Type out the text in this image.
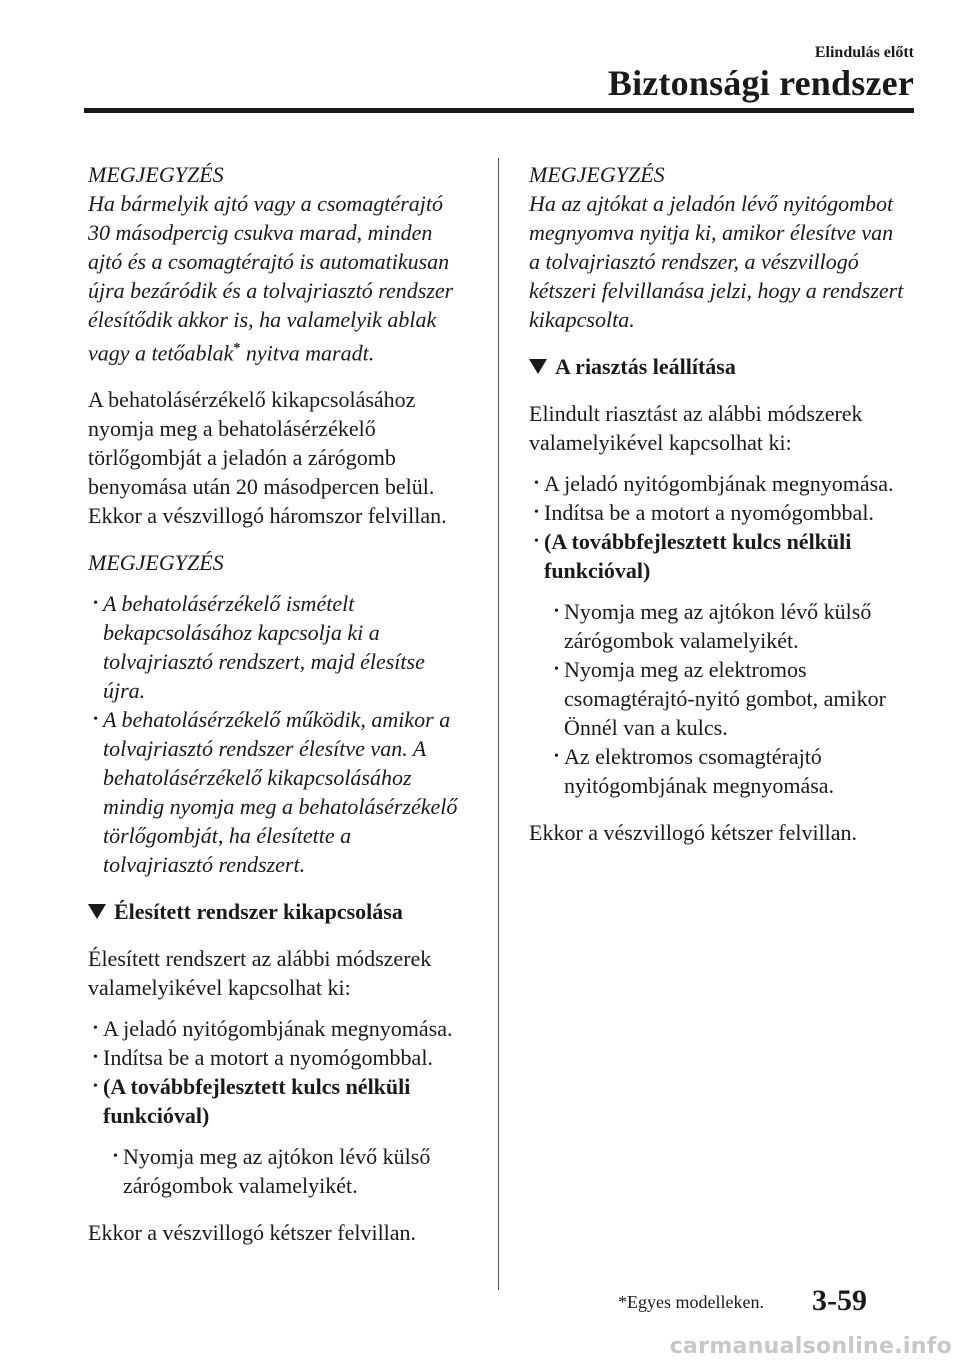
Elindulás előtt
Biztonsági rendszer

MEGJEGYZÉS

Ha bármelyik ajtó vagy a csomagtérajtó

30 másodpercig csukva marad, minden

ajtó és a csomagtérajtó is automatikusan

újra bezáródik és a tolvajriasztó rendszer

élesítődik akkor is, ha valamelyik ablak

vagy a tetőablak* nyitva maradt.

A behatolásérzékelő kikapcsolásához

nyomja meg a behatolásérzékelő

törlőgombját a jeladón a zárógomb

benyomása után 20 másodpercen belül.

Ekkor a vészvillogó háromszor felvillan.

MEGJEGYZÉS

• A behatolásérzékelő ismételt

bekapcsolásához kapcsolja ki a

tolvajriasztó rendszert, majd élesítse

újra.

• A behatolásérzékelő működik, amikor a

tolvajriasztó rendszer élesítve van. A

behatolásérzékelő kikapcsolásához

mindig nyomja meg a behatolásérzékelő

törlőgombját, ha élesítette a

tolvajriasztó rendszert.

Élesített rendszer kikapcsolása

Élesített rendszert az alábbi módszerek

valamelyikével kapcsolhat ki:

• A jeladó nyitógombjának megnyomása.

• Indítsa be a motort a nyomógombbal.

• (A továbbfejlesztett kulcs nélküli

funkcióval)

• Nyomja meg az ajtókon lévő külső

zárógombok valamelyikét.

Ekkor a vészvillogó kétszer felvillan.

MEGJEGYZÉS

Ha az ajtókat a jeladón lévő nyitógombot

megnyomva nyitja ki, amikor élesítve van

a tolvajriasztó rendszer, a vészvillogó

kétszeri felvillanása jelzi, hogy a rendszert

kikapcsolta.

A riasztás leállítása

Elindult riasztást az alábbi módszerek

valamelyikével kapcsolhat ki:

• A jeladó nyitógombjának megnyomása.

• Indítsa be a motort a nyomógombbal.

• (A továbbfejlesztett kulcs nélküli

funkcióval)

• Nyomja meg az ajtókon lévő külső

zárógombok valamelyikét.

• Nyomja meg az elektromos

csomagtérajtó-nyitó gombot, amikor

Önnél van a kulcs.

• Az elektromos csomagtérajtó

nyitógombjának megnyomása.

Ekkor a vészvillogó kétszer felvillan.

*Egyes modelleken. 3-59
carmanualsonline.info
